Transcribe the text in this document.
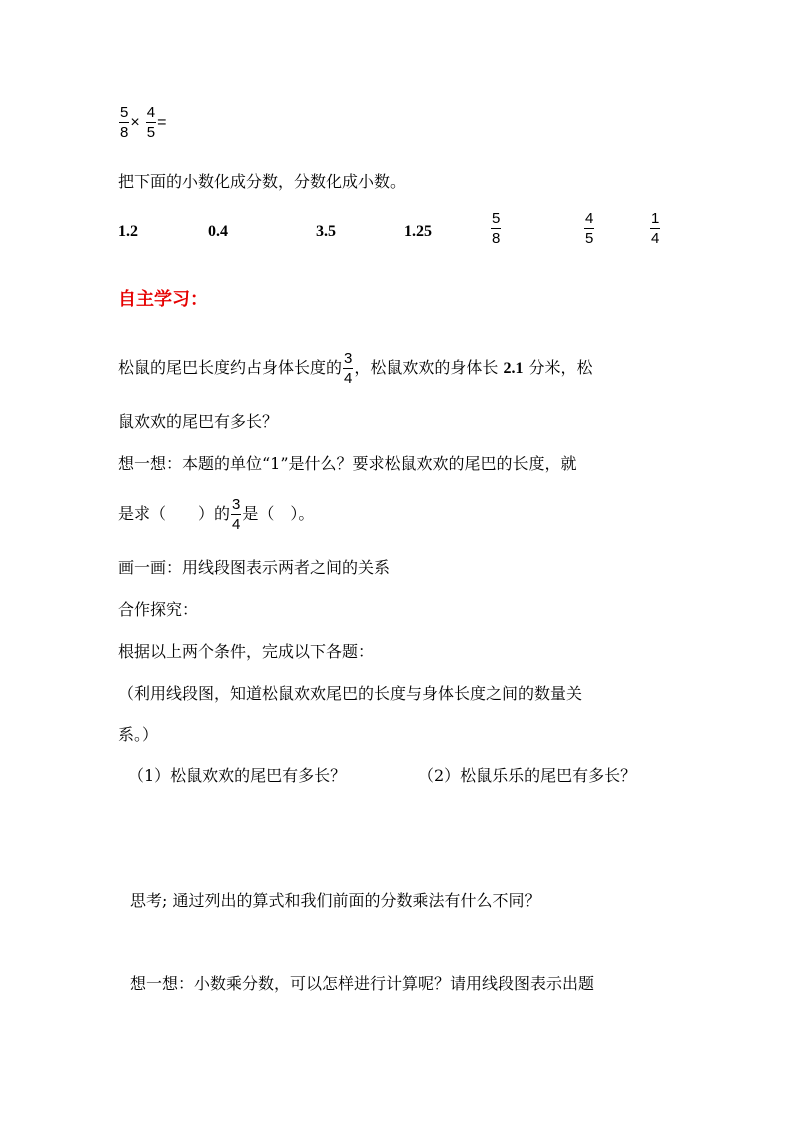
$\frac{5}{8} \times \frac{4}{5}$ =
把下面的小数化成分数，分数化成小数。
1.2	0.4	3.5	1.25	$\frac{5}{8}$	$\frac{4}{5}$	$\frac{1}{4}$
自主学习：
松鼠的尾巴长度约占身体长度的 $\frac{3}{4}$ ，松鼠欢欢的身体长 2.1 分米，松
鼠欢欢的尾巴有多长？
想一想：本题的单位“1”是什么？要求松鼠欢欢的尾巴的长度，就
是求（　　）的 $\frac{3}{4}$ 是（　）。
画一画：用线段图表示两者之间的关系
合作探究：
根据以上两个条件，完成以下各题：
（利用线段图，知道松鼠欢欢尾巴的长度与身体长度之间的数量关
系。）
（1）松鼠欢欢的尾巴有多长？	（2）松鼠乐乐的尾巴有多长？
思考; 通过列出的算式和我们前面的分数乘法有什么不同？
想一想：小数乘分数，可以怎样进行计算呢？请用线段图表示出题
